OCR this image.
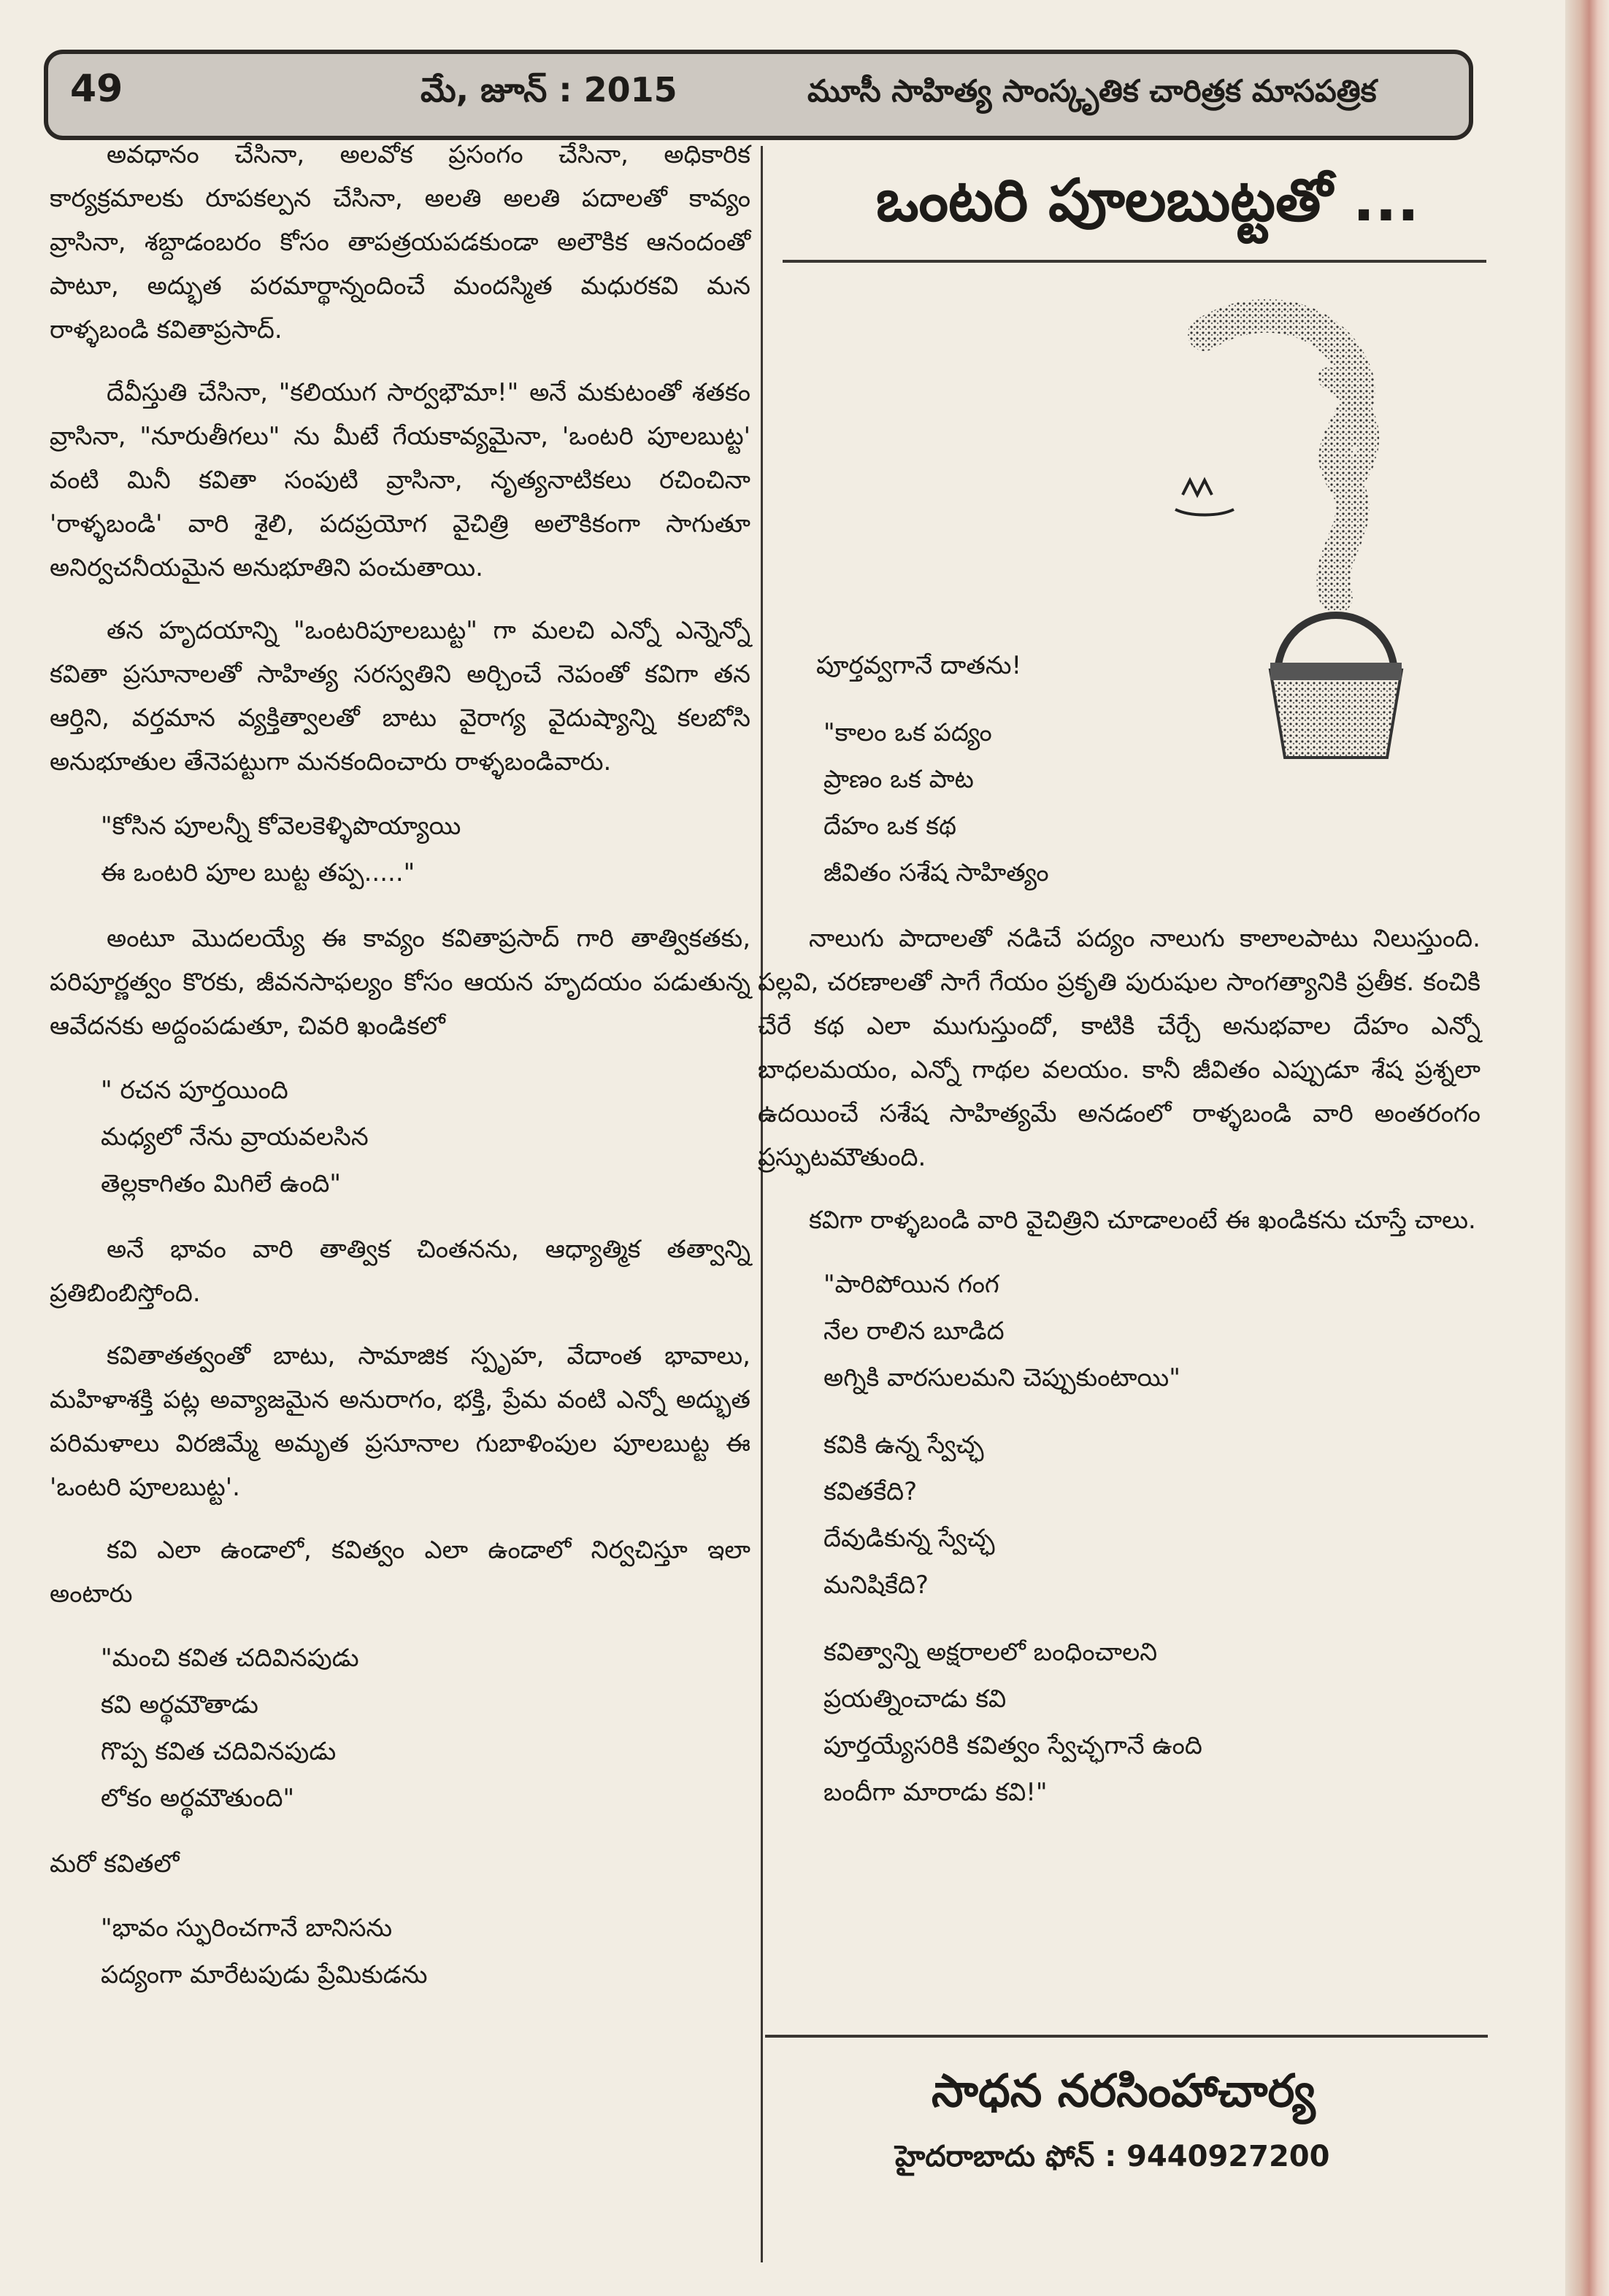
49	మే, జూన్ : 2015	మూసీ సాహిత్య సాంస్కృతిక చారిత్రక మాసపత్రిక

అవధానం చేసినా, అలవోక ప్రసంగం చేసినా, అధికారిక కార్యక్రమాలకు రూపకల్పన చేసినా, అలతి అలతి పదాలతో కావ్యం వ్రాసినా, శబ్దాడంబరం కోసం తాపత్రయపడకుండా అలౌకిక ఆనందంతో పాటూ, అద్భుత పరమార్థాన్నందించే మందస్మిత మధురకవి మన రాళ్ళబండి కవితాప్రసాద్.

దేవీస్తుతి చేసినా, "కలియుగ సార్వభౌమా!" అనే మకుటంతో శతకం వ్రాసినా, "నూరుతీగలు" ను మీటే గేయకావ్యమైనా, 'ఒంటరి పూలబుట్ట' వంటి మినీ కవితా సంపుటి వ్రాసినా, నృత్యనాటికలు రచించినా 'రాళ్ళబండి' వారి శైలి, పదప్రయోగ వైచిత్రి అలౌకికంగా సాగుతూ అనిర్వచనీయమైన అనుభూతిని పంచుతాయి.

తన హృదయాన్ని "ఒంటరిపూలబుట్ట" గా మలచి ఎన్నో ఎన్నెన్నో కవితా ప్రసూనాలతో సాహిత్య సరస్వతిని అర్చించే నెపంతో కవిగా తన ఆర్తిని, వర్తమాన వ్యక్తిత్వాలతో బాటు వైరాగ్య వైదుష్యాన్ని కలబోసి అనుభూతుల తేనెపట్టుగా మనకందించారు రాళ్ళబండివారు.

"కోసిన పూలన్నీ కోవెలకెళ్ళిపొయ్యాయి
ఈ ఒంటరి పూల బుట్ట తప్ప....."

అంటూ మొదలయ్యే ఈ కావ్యం కవితాప్రసాద్ గారి తాత్వికతకు, పరిపూర్ణత్వం కొరకు, జీవనసాఫల్యం కోసం ఆయన హృదయం పడుతున్న ఆవేదనకు అద్దంపడుతూ, చివరి ఖండికలో

" రచన పూర్తయింది
మధ్యలో నేను వ్రాయవలసిన
తెల్లకాగితం మిగిలే ఉంది"

అనే భావం వారి తాత్విక చింతనను, ఆధ్యాత్మిక తత్వాన్ని ప్రతిబింబిస్తోంది.

కవితాతత్వంతో బాటు, సామాజిక స్పృహ, వేదాంత భావాలు, మహిళాశక్తి పట్ల అవ్యాజమైన అనురాగం, భక్తి, ప్రేమ వంటి ఎన్నో అద్భుత పరిమళాలు విరజిమ్మే అమృత ప్రసూనాల గుబాళింపుల పూలబుట్ట ఈ 'ఒంటరి పూలబుట్ట'.

కవి ఎలా ఉండాలో, కవిత్వం ఎలా ఉండాలో నిర్వచిస్తూ ఇలా అంటారు

"మంచి కవిత చదివినపుడు
కవి అర్థమౌతాడు
గొప్ప కవిత చదివినపుడు
లోకం అర్థమౌతుంది"

మరో కవితలో

"భావం స్ఫురించగానే బానిసను
పద్యంగా మారేటపుడు ప్రేమికుడను
ఒంటరి పూలబుట్టతో ...
పూర్తవ్వగానే దాతను!
"కాలం ఒక పద్యం
ప్రాణం ఒక పాట
దేహం ఒక కథ
జీవితం సశేష సాహిత్యం

నాలుగు పాదాలతో నడిచే పద్యం నాలుగు కాలాలపాటు నిలుస్తుంది. పల్లవి, చరణాలతో సాగే గేయం ప్రకృతి పురుషుల సాంగత్యానికి ప్రతీక. కంచికి చేరే కథ ఎలా ముగుస్తుందో, కాటికి చేర్చే అనుభవాల దేహం ఎన్నో బాధలమయం, ఎన్నో గాథల వలయం. కానీ జీవితం ఎప్పుడూ శేష ప్రశ్నలా ఉదయించే సశేష సాహిత్యమే అనడంలో రాళ్ళబండి వారి అంతరంగం ప్రస్ఫుటమౌతుంది.

కవిగా రాళ్ళబండి వారి వైచిత్రిని చూడాలంటే ఈ ఖండికను చూస్తే చాలు.

"పారిపోయిన గంగ
నేల రాలిన బూడిద
అగ్నికి వారసులమని చెప్పుకుంటాయి"
కవికి ఉన్న స్వేచ్ఛ
కవితకేది?
దేవుడికున్న స్వేచ్ఛ
మనిషికేది?
కవిత్వాన్ని అక్షరాలలో బంధించాలని
ప్రయత్నించాడు కవి
పూర్తయ్యేసరికి కవిత్వం స్వేచ్ఛగానే ఉంది
బందీగా మారాడు కవి!"
సాధన నరసింహాచార్య
హైదరాబాదు ఫోన్ : 9440927200
